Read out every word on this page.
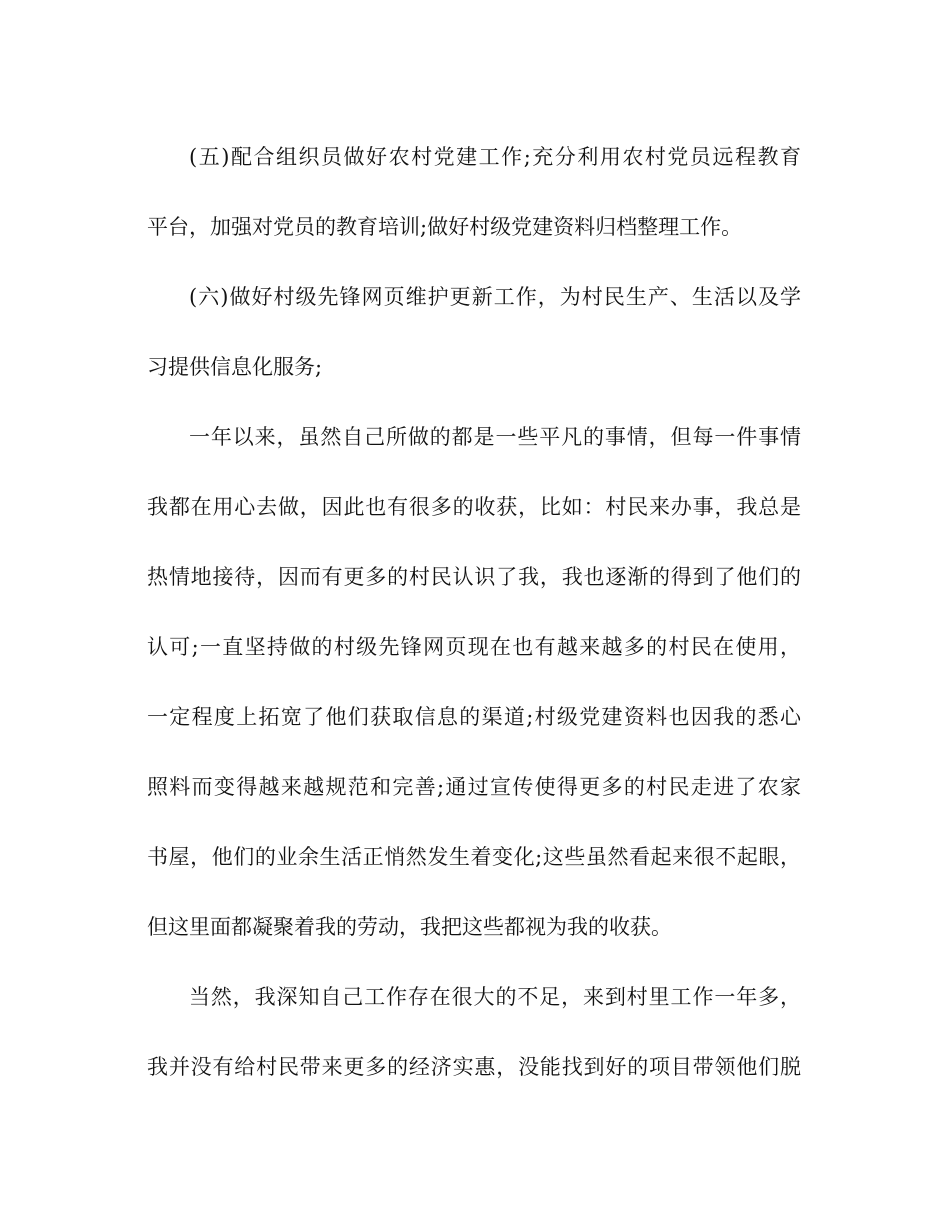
(五)配合组织员做好农村党建工作;充分利用农村党员远程教育
平台，加强对党员的教育培训;做好村级党建资料归档整理工作。
(六)做好村级先锋网页维护更新工作，为村民生产、生活以及学
习提供信息化服务;
一年以来，虽然自己所做的都是一些平凡的事情，但每一件事情
我都在用心去做，因此也有很多的收获，比如：村民来办事，我总是
热情地接待，因而有更多的村民认识了我，我也逐渐的得到了他们的
认可;一直坚持做的村级先锋网页现在也有越来越多的村民在使用，
一定程度上拓宽了他们获取信息的渠道;村级党建资料也因我的悉心
照料而变得越来越规范和完善;通过宣传使得更多的村民走进了农家
书屋，他们的业余生活正悄然发生着变化;这些虽然看起来很不起眼，
但这里面都凝聚着我的劳动，我把这些都视为我的收获。
当然，我深知自己工作存在很大的不足，来到村里工作一年多，
我并没有给村民带来更多的经济实惠，没能找到好的项目带领他们脱
